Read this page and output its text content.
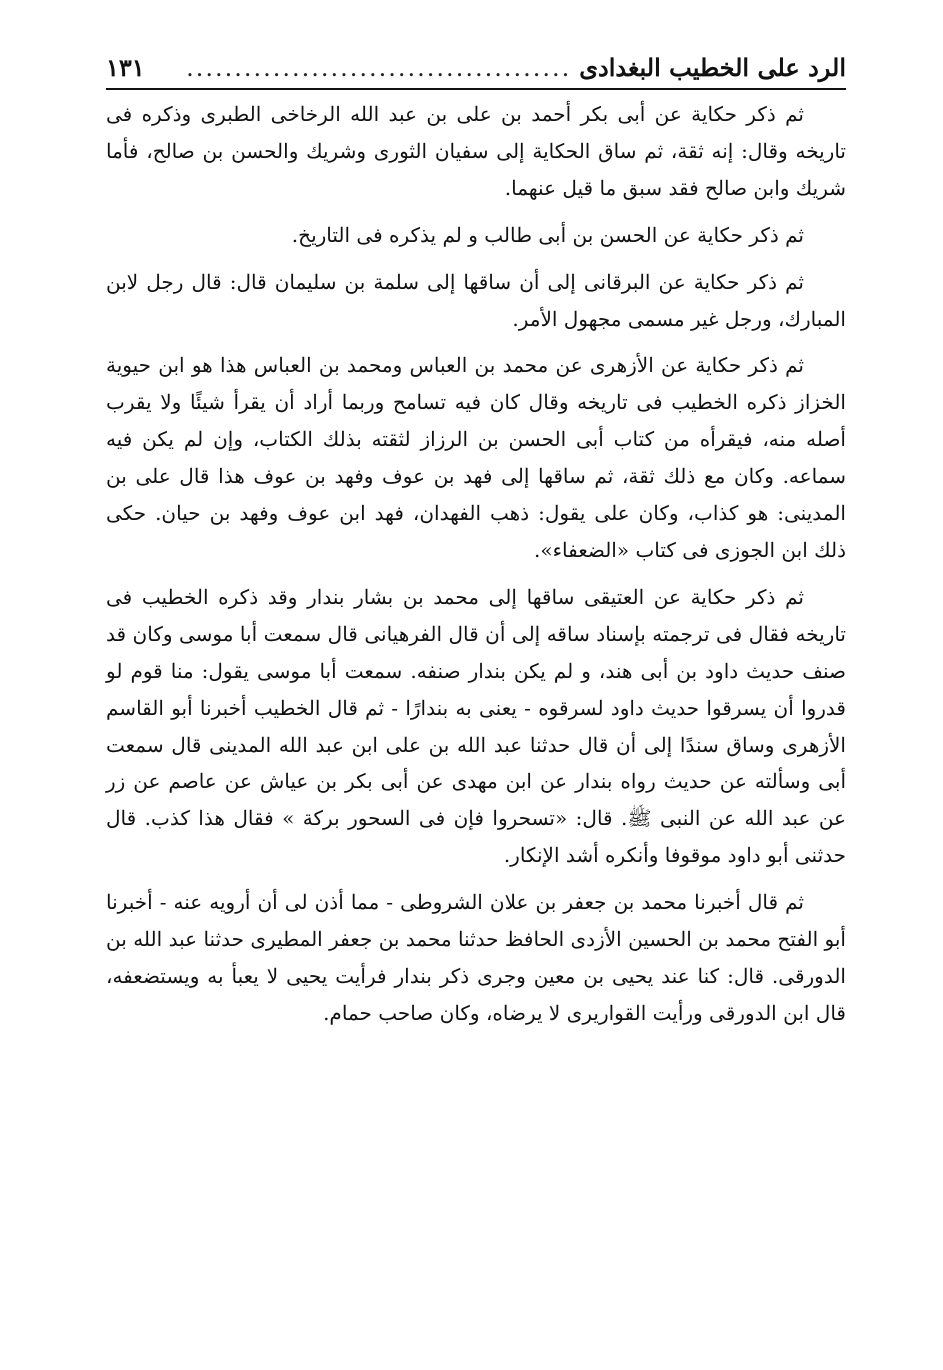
الرد على الخطيب البغدادى
........................................
١٣١

ثم ذكر حكاية عن أبى بكر أحمد بن على بن عبد الله الرخاخى الطبرى وذكره فى تاريخه وقال: إنه ثقة، ثم ساق الحكاية إلى سفيان الثورى وشريك والحسن بن صالح، فأما شريك وابن صالح فقد سبق ما قيل عنهما.

ثم ذكر حكاية عن الحسن بن أبى طالب و لم يذكره فى التاريخ.

ثم ذكر حكاية عن البرقانى إلى أن ساقها إلى سلمة بن سليمان قال: قال رجل لابن المبارك، ورجل غير مسمى مجهول الأمر.

ثم ذكر حكاية عن الأزهرى عن محمد بن العباس ومحمد بن العباس هذا هو ابن حيوية الخزاز ذكره الخطيب فى تاريخه وقال كان فيه تسامح وربما أراد أن يقرأ شيئًا ولا يقرب أصله منه، فيقرأه من كتاب أبى الحسن بن الرزاز لثقته بذلك الكتاب، وإن لم يكن فيه سماعه. وكان مع ذلك ثقة، ثم ساقها إلى فهد بن عوف وفهد بن عوف هذا قال على بن المدينى: هو كذاب، وكان على يقول: ذهب الفهدان، فهد ابن عوف وفهد بن حيان. حكى ذلك ابن الجوزى فى كتاب «الضعفاء».

ثم ذكر حكاية عن العتيقى ساقها إلى محمد بن بشار بندار وقد ذكره الخطيب فى تاريخه فقال فى ترجمته بإسناد ساقه إلى أن قال الفرهيانى قال سمعت أبا موسى وكان قد صنف حديث داود بن أبى هند، و لم يكن بندار صنفه. سمعت أبا موسى يقول: منا قوم لو قدروا أن يسرقوا حديث داود لسرقوه - يعنى به بندارًا - ثم قال الخطيب أخبرنا أبو القاسم الأزهرى وساق سندًا إلى أن قال حدثنا عبد الله بن على ابن عبد الله المدينى قال سمعت أبى وسألته عن حديث رواه بندار عن ابن مهدى عن أبى بكر بن عياش عن عاصم عن زر عن عبد الله عن النبى ﷺ. قال: «تسحروا فإن فى السحور بركة » فقال هذا كذب. قال حدثنى أبو داود موقوفا وأنكره أشد الإنكار.

ثم قال أخبرنا محمد بن جعفر بن علان الشروطى - مما أذن لى أن أرويه عنه - أخبرنا أبو الفتح محمد بن الحسين الأزدى الحافظ حدثنا محمد بن جعفر المطيرى حدثنا عبد الله بن الدورقى. قال: كنا عند يحيى بن معين وجرى ذكر بندار فرأيت يحيى لا يعبأ به ويستضعفه، قال ابن الدورقى ورأيت القواريرى لا يرضاه، وكان صاحب حمام.
